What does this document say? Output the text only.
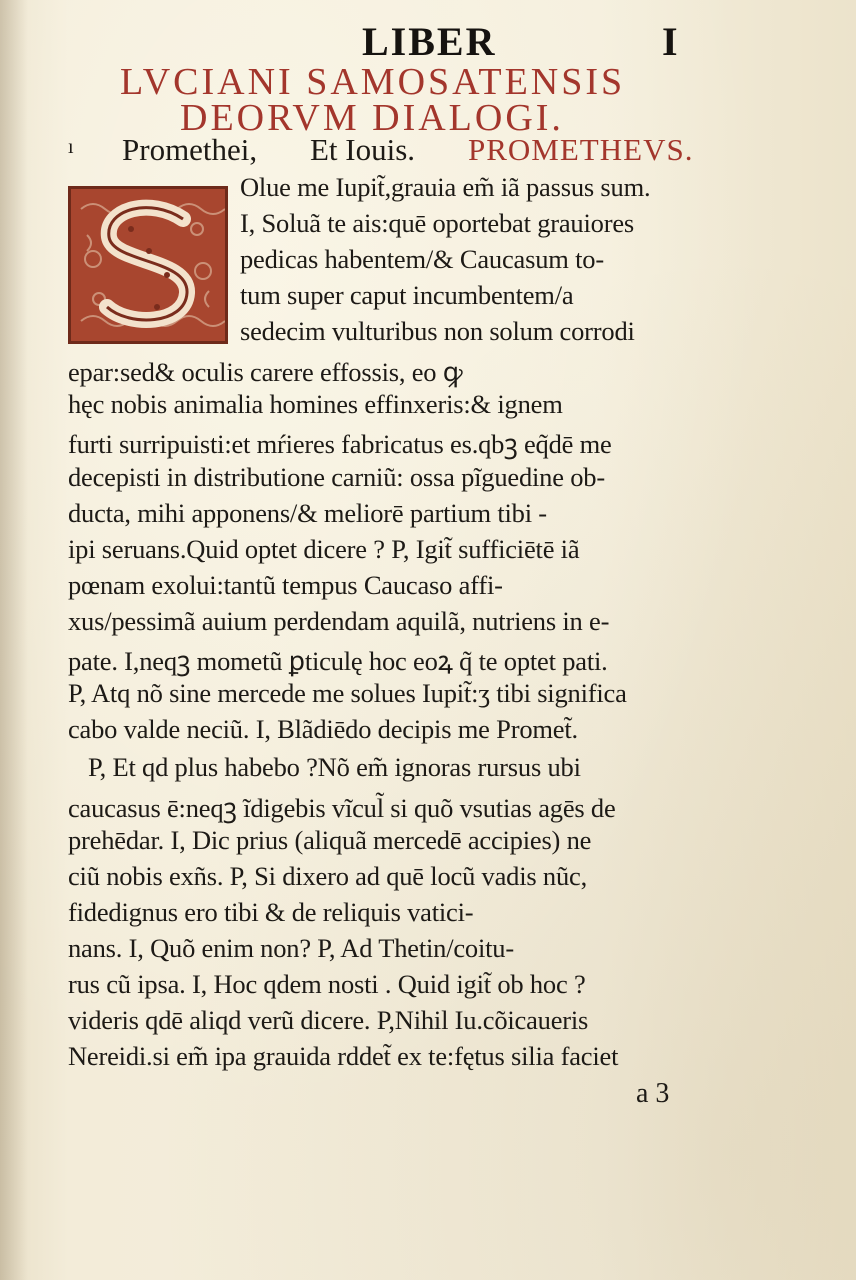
LIBER	I
LVCIANI SAMOSATENSIS
DEORVM DIALOGI.
ı Promethei, Et Iouis. PROMETHEVS.
Olue me Iupit̃,grauia em̃ iã passus sum.
I, Soluã te ais:quē oportebat grauiores
pedicas habentem/& Caucasum to-
tum super caput incumbentem/a
sedecim vulturibus non solum corrodi
epar:sed& oculis carere effossis, eo ꝙ
hęc nobis animalia homines effinxeris:& ignem
furti surripuisti:et mŕieres fabricatus es.qbꝫ eq̃dē me
decepisti in distributione carniũ: ossa pĩguedine ob-
ducta, mihi apponens/& meliorē partium tibi -
ipi seruans.Quid optet dicere ? P, Igit̃ sufficiētē iã
pœnam exolui:tantũ tempus Caucaso affi-
xus/pessimã auium perdendam aquilã, nutriens in e-
pate. I,neqꝫ mometũ ꝑticulę hoc eoꝝ q̃ te optet pati.
P, Atq nõ sine mercede me solues Iupit̃:ʒ tibi significa
cabo valde neciũ. I, Blãdiēdo decipis me Promet̃.
P, Et qd plus habebo ?Nõ em̃ ignoras rursus ubi
caucasus ē:neqꝫ ĩdigebis vĩcul̃ si quõ vsutias agēs de
prehēdar. I, Dic prius (aliquã mercedē accipies) ne
ciũ nobis exñs. P, Si dixero ad quē locũ vadis nũc,
fidedignus ero tibi & de reliquis vatici-
nans. I, Quõ enim non? P, Ad Thetin/coitu-
rus cũ ipsa. I, Hoc qdem nosti . Quid igit̃ ob hoc ?
videris qdē aliqd verũ dicere. P,Nihil Iu.cõicaueris
Nereidi.si em̃ ipa grauida rddet̃ ex te:fętus silia faciet
a 3
